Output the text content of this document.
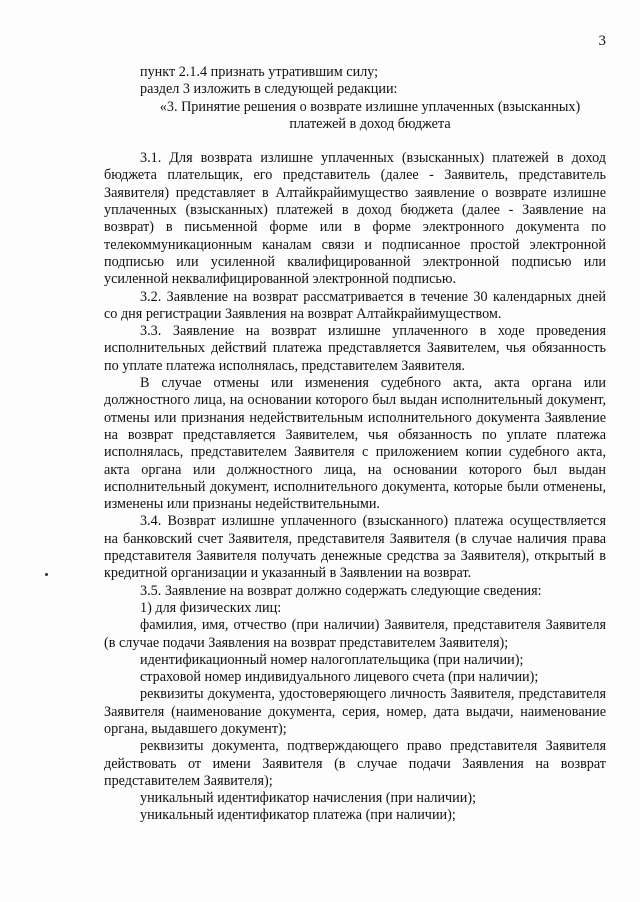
3

пункт 2.1.4 признать утратившим силу;

раздел 3 изложить в следующей редакции:

«3. Принятие решения о возврате излишне уплаченных (взысканных) платежей в доход бюджета

3.1. Для возврата излишне уплаченных (взысканных) платежей в доход бюджета плательщик, его представитель (далее - Заявитель, представитель Заявителя) представляет в Алтайкрайимущество заявление о возврате излишне уплаченных (взысканных) платежей в доход бюджета (далее - Заявление на возврат) в письменной форме или в форме электронного документа по телекоммуникационным каналам связи и подписанное простой электронной подписью или усиленной квалифицированной электронной подписью или усиленной неквалифицированной электронной подписью.

3.2. Заявление на возврат рассматривается в течение 30 календарных дней со дня регистрации Заявления на возврат Алтайкрайимуществом.

3.3. Заявление на возврат излишне уплаченного в ходе проведения исполнительных действий платежа представляется Заявителем, чья обязанность по уплате платежа исполнялась, представителем Заявителя.

В случае отмены или изменения судебного акта, акта органа или должностного лица, на основании которого был выдан исполнительный документ, отмены или признания недействительным исполнительного документа Заявление на возврат представляется Заявителем, чья обязанность по уплате платежа исполнялась, представителем Заявителя с приложением копии судебного акта, акта органа или должностного лица, на основании которого был выдан исполнительный документ, исполнительного документа, которые были отменены, изменены или признаны недействительными.

3.4. Возврат излишне уплаченного (взысканного) платежа осуществляется на банковский счет Заявителя, представителя Заявителя (в случае наличия права представителя Заявителя получать денежные средства за Заявителя), открытый в кредитной организации и указанный в Заявлении на возврат.

3.5. Заявление на возврат должно содержать следующие сведения:

1) для физических лиц:

фамилия, имя, отчество (при наличии) Заявителя, представителя Заявителя (в случае подачи Заявления на возврат представителем Заявителя);

идентификационный номер налогоплательщика (при наличии);

страховой номер индивидуального лицевого счета (при наличии);

реквизиты документа, удостоверяющего личность Заявителя, представителя Заявителя (наименование документа, серия, номер, дата выдачи, наименование органа, выдавшего документ);

реквизиты документа, подтверждающего право представителя Заявителя действовать от имени Заявителя (в случае подачи Заявления на возврат представителем Заявителя);

уникальный идентификатор начисления (при наличии);

уникальный идентификатор платежа (при наличии);
